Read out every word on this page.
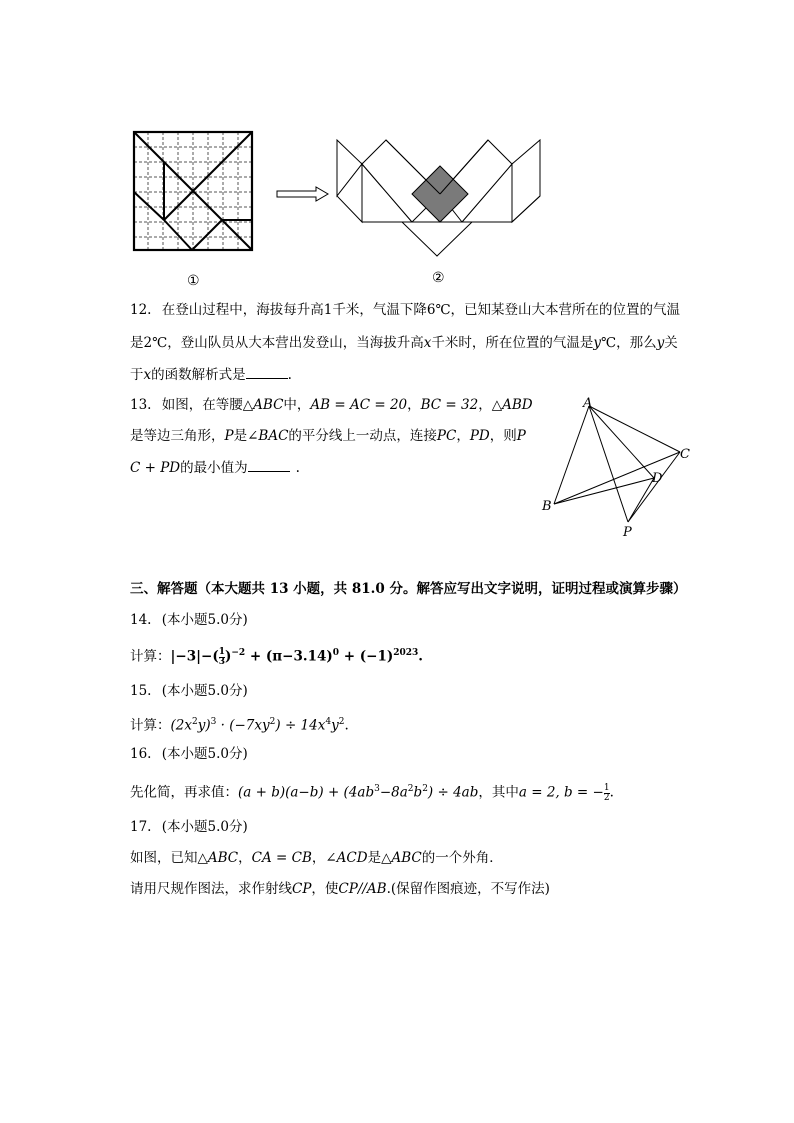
①	②
12. 在登山过程中，海拔每升高1千米，气温下降6℃，已知某登山大本营所在的位置的气温
是2℃，登山队员从大本营出发登山，当海拔升高x千米时，所在位置的气温是y℃，那么y关
于x的函数解析式是	.
13. 如图，在等腰△ABC中，AB = AC = 20，BC = 32，△ABD
是等边三角形，P是∠BAC的平分线上一动点，连接PC，PD，则P
C + PD的最小值为	.
A
B
C
D
P
三、解答题（本大题共 13 小题，共 81.0 分。解答应写出文字说明，证明过程或演算步骤）
14. (本小题5.0分)
计算：$|-3|-( \frac{1}{3} )^{-2} + (\pi-3.14)^0 + (-1)^{2023}$.
15. (本小题5.0分)
计算：$(2x^2y)^3 \cdot (-7xy^2) \div 14x^4y^2$.
16. (本小题5.0分)
先化简，再求值：$(a + b)(a-b) + (4ab^3-8a^2b^2) \div 4ab$，其中a = 2, b = − $\frac{1}{2}$ .
17. (本小题5.0分)
如图，已知△ABC，CA = CB，∠ACD是△ABC的一个外角．
请用尺规作图法，求作射线CP，使CP//AB.(保留作图痕迹，不写作法)
